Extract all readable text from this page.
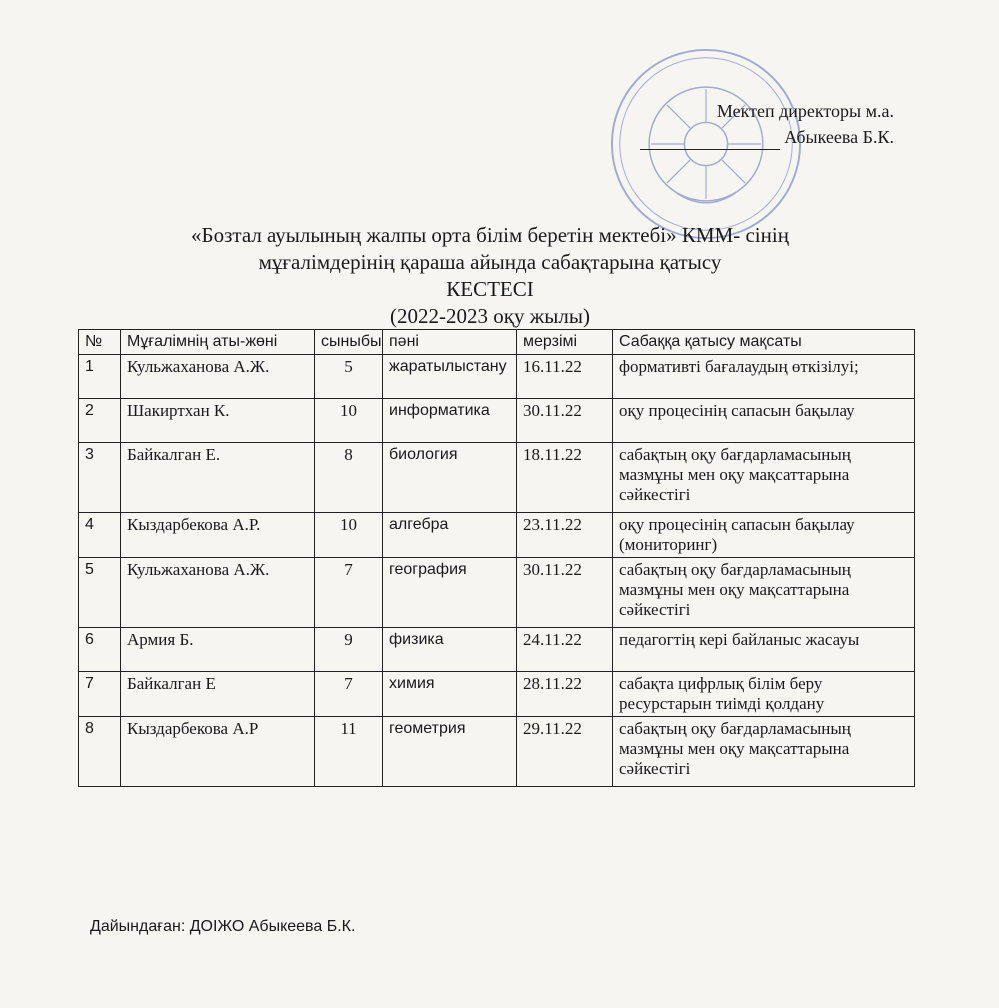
Мектеп директоры м.а.
Абыкеева Б.К.
«Бозтал ауылының жалпы орта білім беретін мектебі» КММ- сінің
мұғалімдерінің қараша айында сабақтарына қатысу
КЕСТЕСІ
(2022-2023 оқу жылы)
№	Мұғалімнің аты-жөні	сыныбы	пәні	мерзімі	Сабаққа қатысу мақсаты
1	Кульжаханова А.Ж.	5	жаратылыстану	16.11.22	формативті бағалаудың өткізілуі;
2	Шакиртхан К.	10	информатика	30.11.22	оқу процесінің сапасын бақылау
3	Байкалган Е.	8	биология	18.11.22	сабақтың оқу бағдарламасының мазмұны мен оқу мақсаттарына сәйкестігі
4	Кыздарбекова А.Р.	10	алгебра	23.11.22	оқу процесінің сапасын бақылау (мониторинг)
5	Кульжаханова А.Ж.	7	география	30.11.22	сабақтың оқу бағдарламасының мазмұны мен оқу мақсаттарына сәйкестігі
6	Армия Б.	9	физика	24.11.22	педагогтің кері байланыс жасауы
7	Байкалган Е	7	химия	28.11.22	сабақта цифрлық білім беру ресурстарын тиімді қолдану
8	Кыздарбекова А.Р	11	геометрия	29.11.22	сабақтың оқу бағдарламасының мазмұны мен оқу мақсаттарына сәйкестігі
Дайындаған: ДОІЖО Абыкеева Б.К.
